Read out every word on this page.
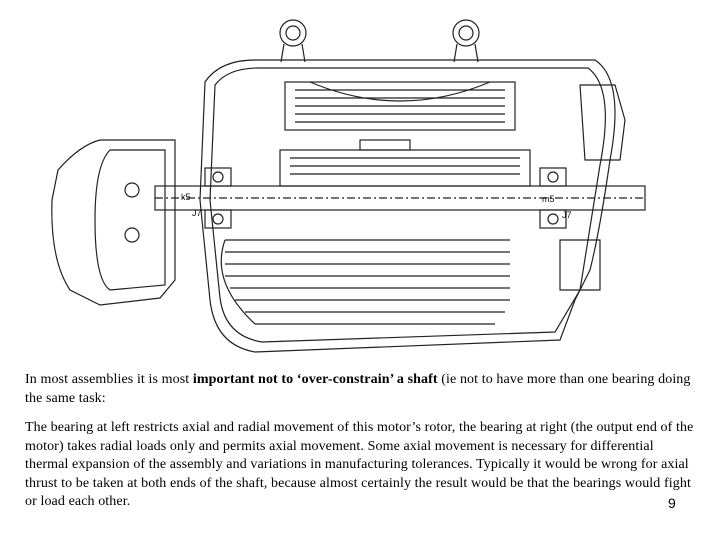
k5
J7
m5
J7
In most assemblies it is most important not to ‘over-constrain’ a shaft (ie not to have more than one bearing doing the same task:
The bearing at left restricts axial and radial movement of this motor’s rotor, the bearing at right (the output end of the motor) takes radial loads only and permits axial movement. Some axial movement is necessary for differential thermal expansion of the assembly and variations in manufacturing tolerances. Typically it would be wrong for axial thrust to be taken at both ends of the shaft, because almost certainly the result would be that the bearings would fight or load each other.	9
